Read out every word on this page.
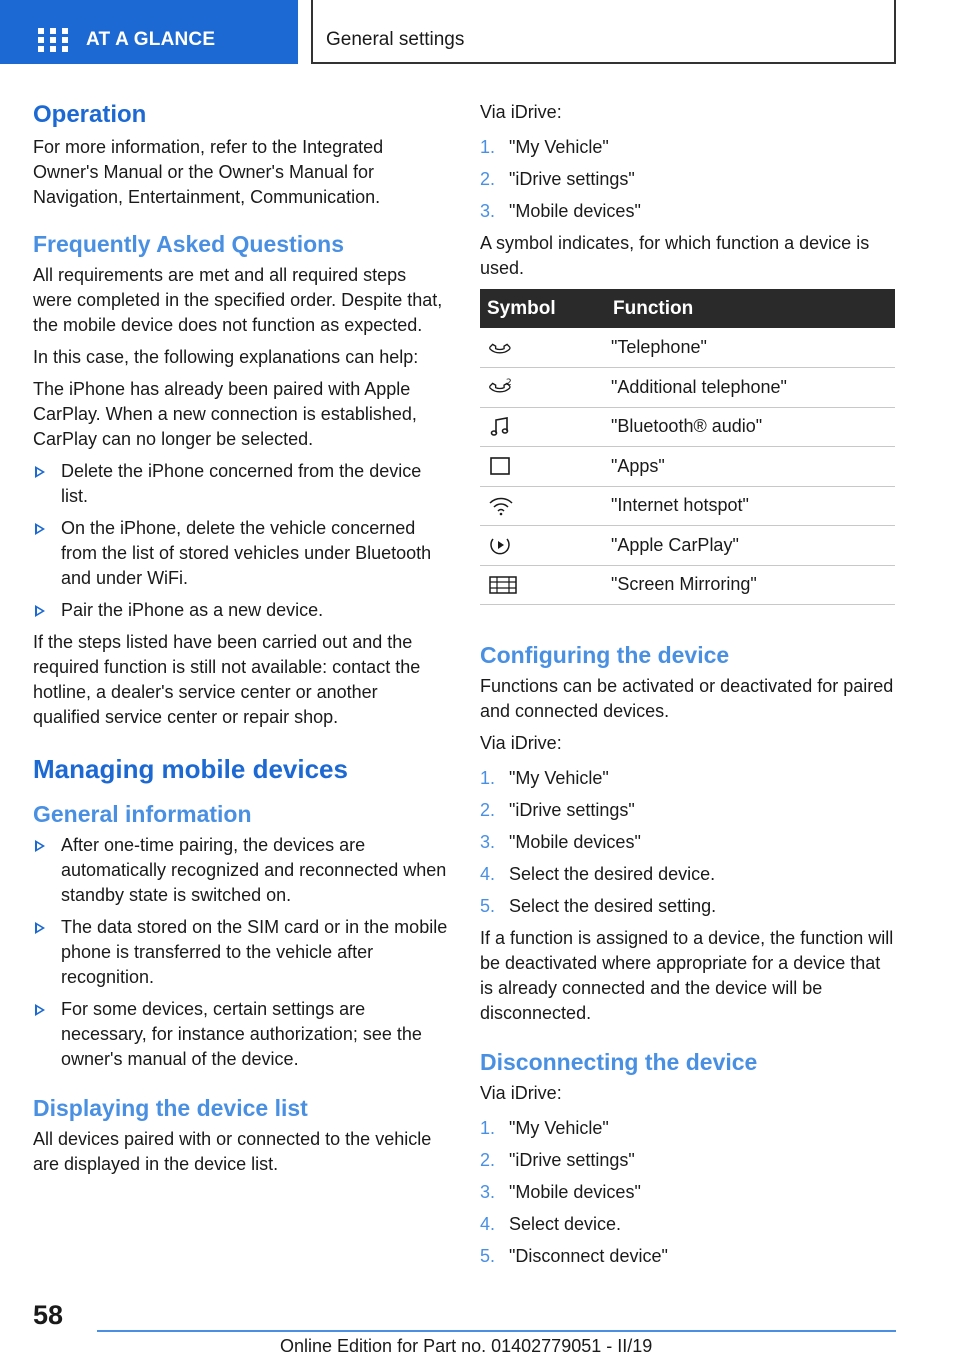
AT A GLANCE	General settings
Operation
For more information, refer to the Integrated Owner's Manual or the Owner's Manual for Navigation, Entertainment, Communication.
Frequently Asked Questions
All requirements are met and all required steps were completed in the specified order. Despite that, the mobile device does not function as expected.
In this case, the following explanations can help:
The iPhone has already been paired with Apple CarPlay. When a new connection is established, CarPlay can no longer be selected.
Delete the iPhone concerned from the device list.
On the iPhone, delete the vehicle concerned from the list of stored vehicles under Bluetooth and under WiFi.
Pair the iPhone as a new device.
If the steps listed have been carried out and the required function is still not available: contact the hotline, a dealer's service center or another qualified service center or repair shop.
Managing mobile devices
General information
After one-time pairing, the devices are automatically recognized and reconnected when standby state is switched on.
The data stored on the SIM card or in the mobile phone is transferred to the vehicle after recognition.
For some devices, certain settings are necessary, for instance authorization; see the owner's manual of the device.
Displaying the device list
All devices paired with or connected to the vehicle are displayed in the device list.
Via iDrive:
1. "My Vehicle"
2. "iDrive settings"
3. "Mobile devices"
A symbol indicates, for which function a device is used.
Symbol	Function

	"Telephone"

2	"Additional telephone"

	"Bluetooth® audio"

	"Apps"

	"Internet hotspot"

	"Apple CarPlay"

	"Screen Mirroring"
Configuring the device
Functions can be activated or deactivated for paired and connected devices.
Via iDrive:
1. "My Vehicle"
2. "iDrive settings"
3. "Mobile devices"
4. Select the desired device.
5. Select the desired setting.
If a function is assigned to a device, the function will be deactivated where appropriate for a device that is already connected and the device will be disconnected.
Disconnecting the device
Via iDrive:
1. "My Vehicle"
2. "iDrive settings"
3. "Mobile devices"
4. Select device.
5. "Disconnect device"
58
Online Edition for Part no. 01402779051 - II/19
